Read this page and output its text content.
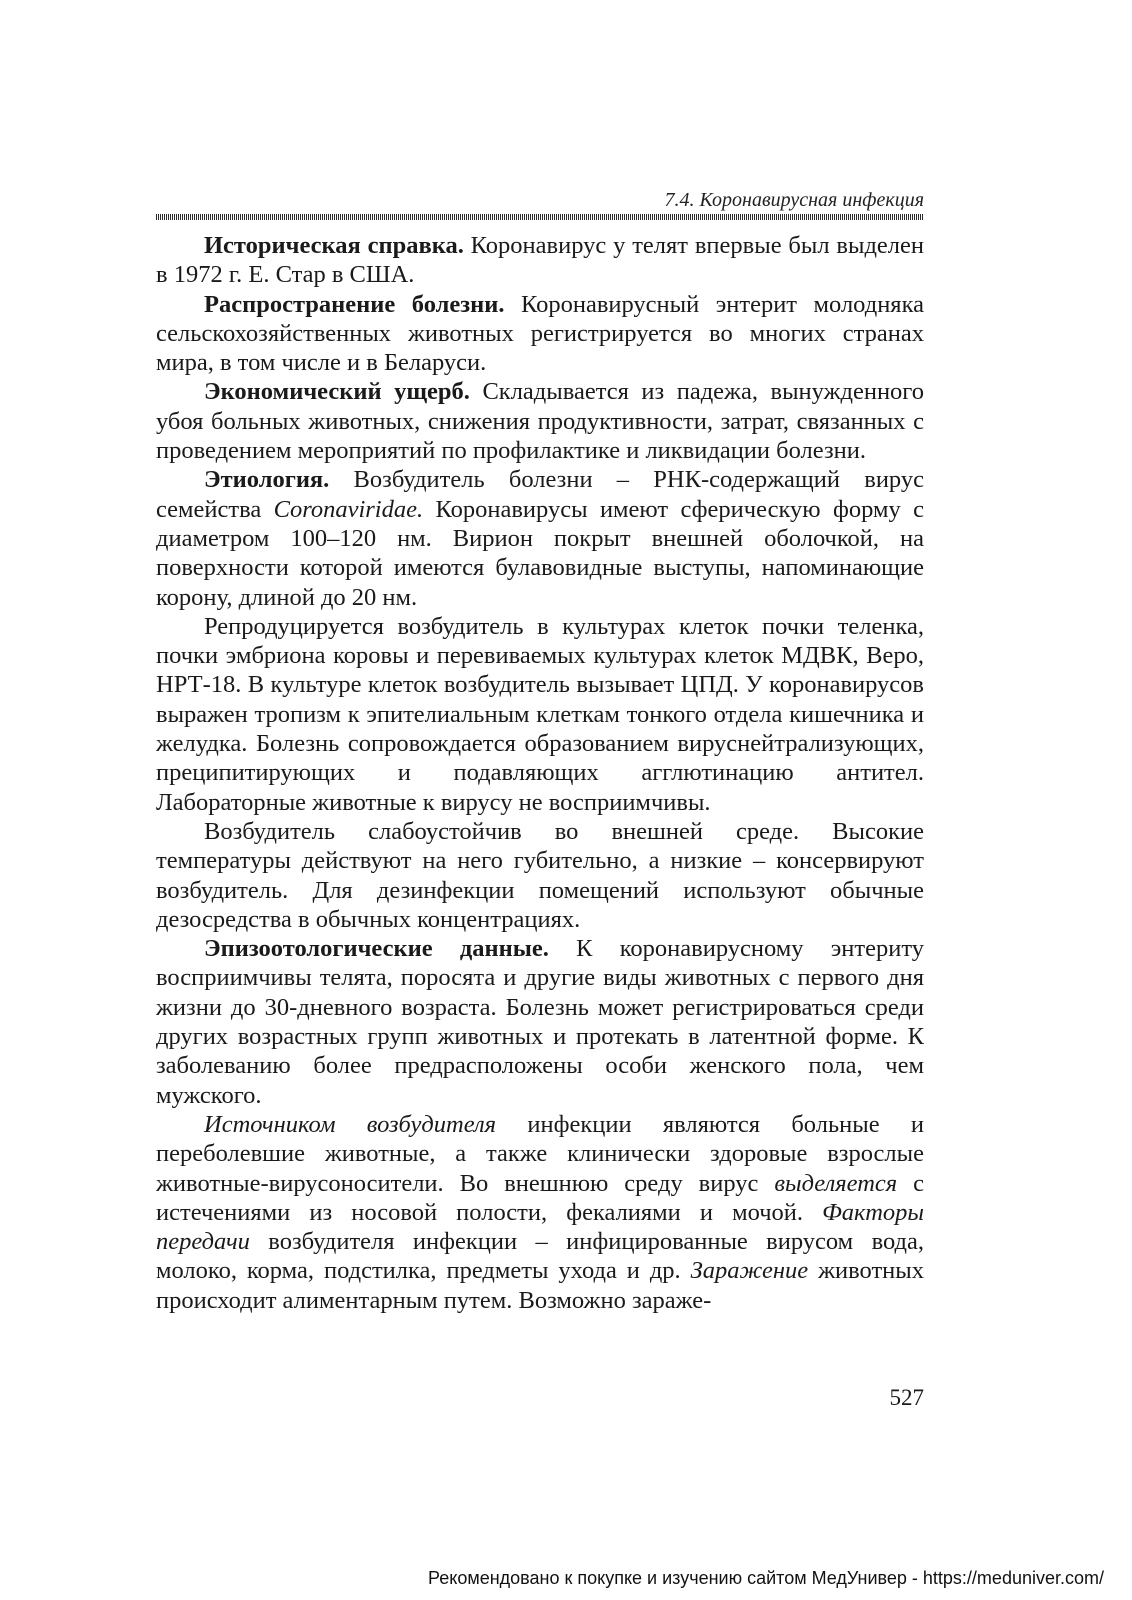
7.4. Коронавирусная инфекция

Историческая справка. Коронавирус у телят впервые был выделен в 1972 г. Е. Стар в США.

Распространение болезни. Коронавирусный энтерит молодняка сельскохозяйственных животных регистрируется во многих странах мира, в том числе и в Беларуси.

Экономический ущерб. Складывается из падежа, вынужденного убоя больных животных, снижения продуктивности, затрат, связанных с проведением мероприятий по профилактике и ликвидации болезни.

Этиология. Возбудитель болезни – РНК-содержащий вирус семейства Coronaviridae. Коронавирусы имеют сферическую форму с диаметром 100–120 нм. Вирион покрыт внешней оболочкой, на поверхности которой имеются булавовидные выступы, напоминающие корону, длиной до 20 нм.

Репродуцируется возбудитель в культурах клеток почки теленка, почки эмбриона коровы и перевиваемых культурах клеток МДВК, Веро, НРТ-18. В культуре клеток возбудитель вызывает ЦПД. У коронавирусов выражен тропизм к эпителиальным клеткам тонкого отдела кишечника и желудка. Болезнь сопровождается образованием вируснейтрализующих, преципитирующих и подавляющих агглютинацию антител. Лабораторные животные к вирусу не восприимчивы.

Возбудитель слабоустойчив во внешней среде. Высокие температуры действуют на него губительно, а низкие – консервируют возбудитель. Для дезинфекции помещений используют обычные дезосредства в обычных концентрациях.

Эпизоотологические данные. К коронавирусному энтериту восприимчивы телята, поросята и другие виды животных с первого дня жизни до 30-дневного возраста. Болезнь может регистрироваться среди других возрастных групп животных и протекать в латентной форме. К заболеванию более предрасположены особи женского пола, чем мужского.

Источником возбудителя инфекции являются больные и переболевшие животные, а также клинически здоровые взрослые животные-вирусоносители. Во внешнюю среду вирус выделяется с истечениями из носовой полости, фекалиями и мочой. Факторы передачи возбудителя инфекции – инфицированные вирусом вода, молоко, корма, подстилка, предметы ухода и др. Заражение животных происходит алиментарным путем. Возможно зараже-

527
Рекомендовано к покупке и изучению сайтом МедУнивер - https://meduniver.com/
